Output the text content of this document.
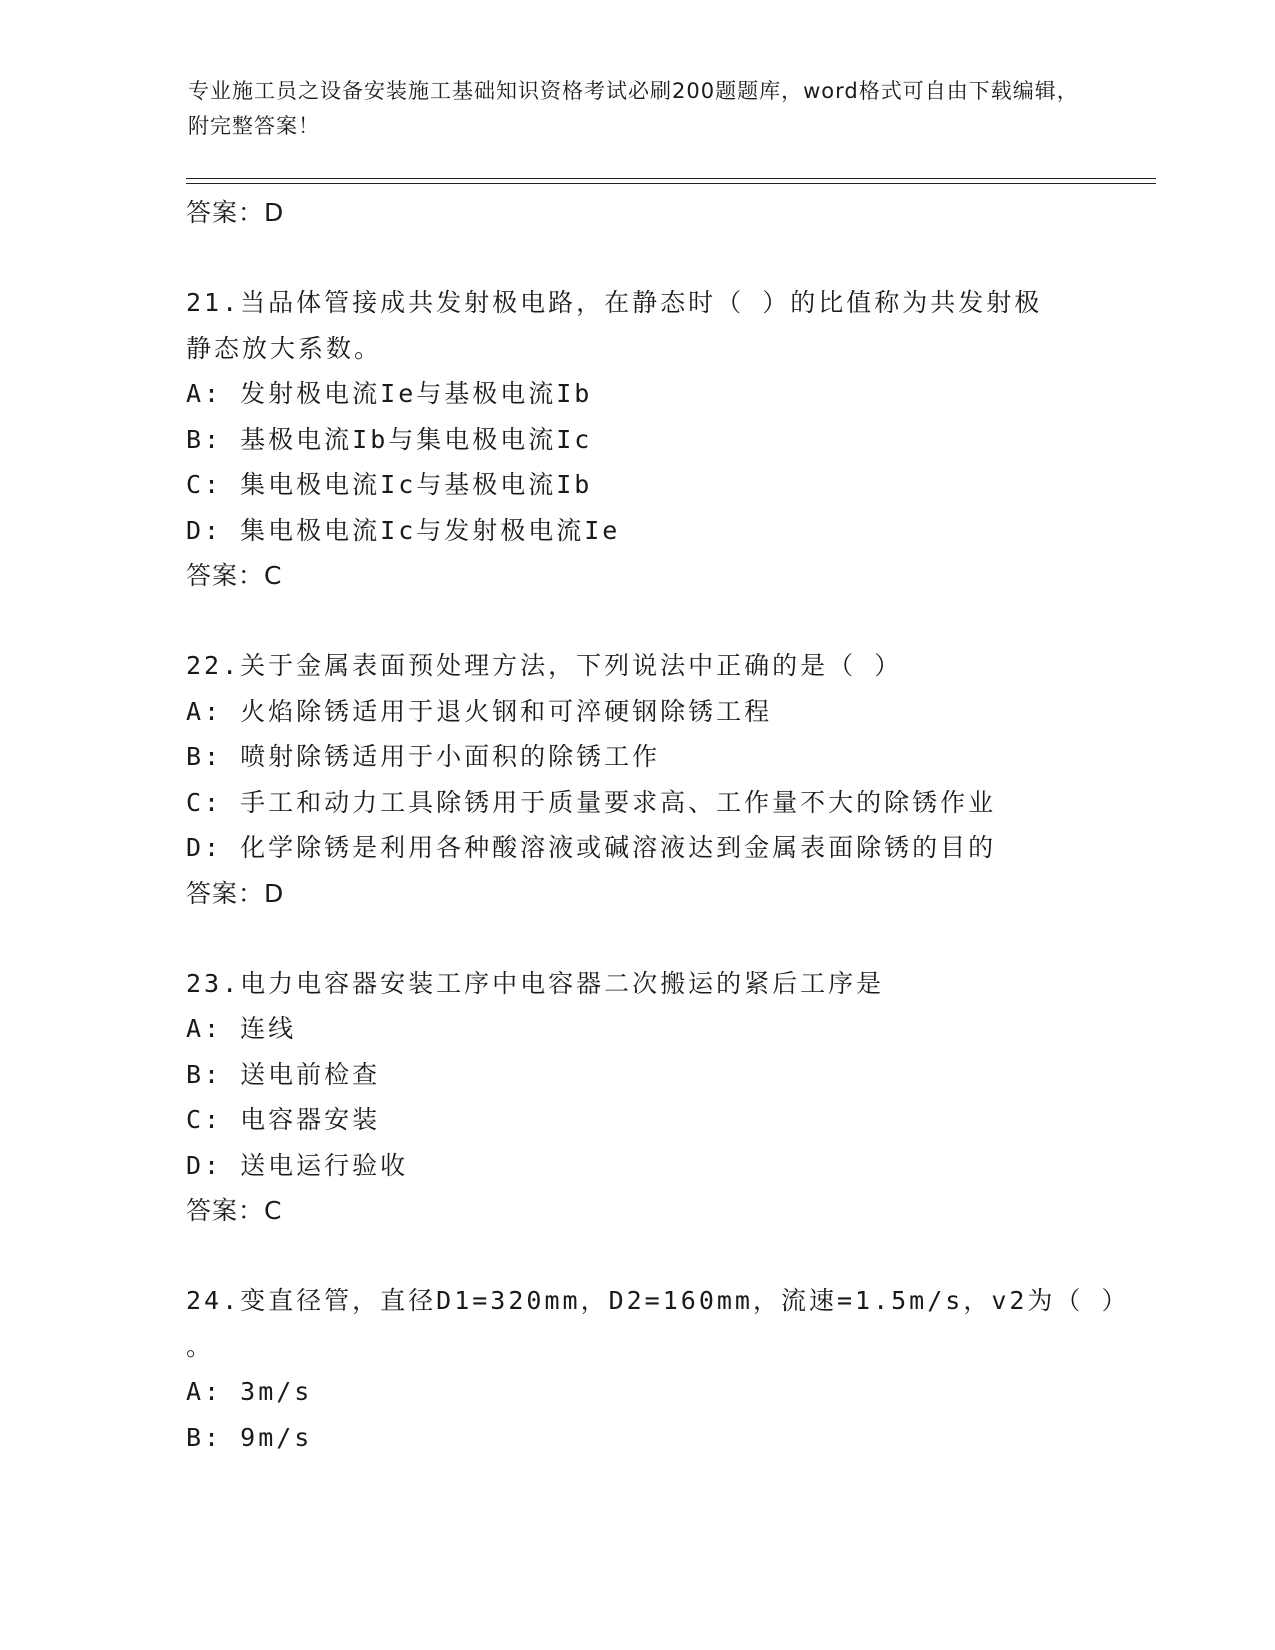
专业施工员之设备安装施工基础知识资格考试必刷200题题库，word格式可自由下载编辑，附完整答案！
答案：D
21.当品体管接成共发射极电路，在静态时（ ）的比值称为共发射极
静态放大系数。
A: 发射极电流Ie与基极电流Ib
B: 基极电流Ib与集电极电流Ic
C: 集电极电流Ic与基极电流Ib
D: 集电极电流Ic与发射极电流Ie
答案：C
22.关于金属表面预处理方法，下列说法中正确的是（ ）
A: 火焰除锈适用于退火钢和可淬硬钢除锈工程
B: 喷射除锈适用于小面积的除锈工作
C: 手工和动力工具除锈用于质量要求高、工作量不大的除锈作业
D: 化学除锈是利用各种酸溶液或碱溶液达到金属表面除锈的目的
答案：D
23.电力电容器安装工序中电容器二次搬运的紧后工序是
A: 连线
B: 送电前检查
C: 电容器安装
D: 送电运行验收
答案：C
24.变直径管，直径D1=320mm，D2=160mm，流速=1.5m/s，v2为（ ）
。
A: 3m/s
B: 9m/s
